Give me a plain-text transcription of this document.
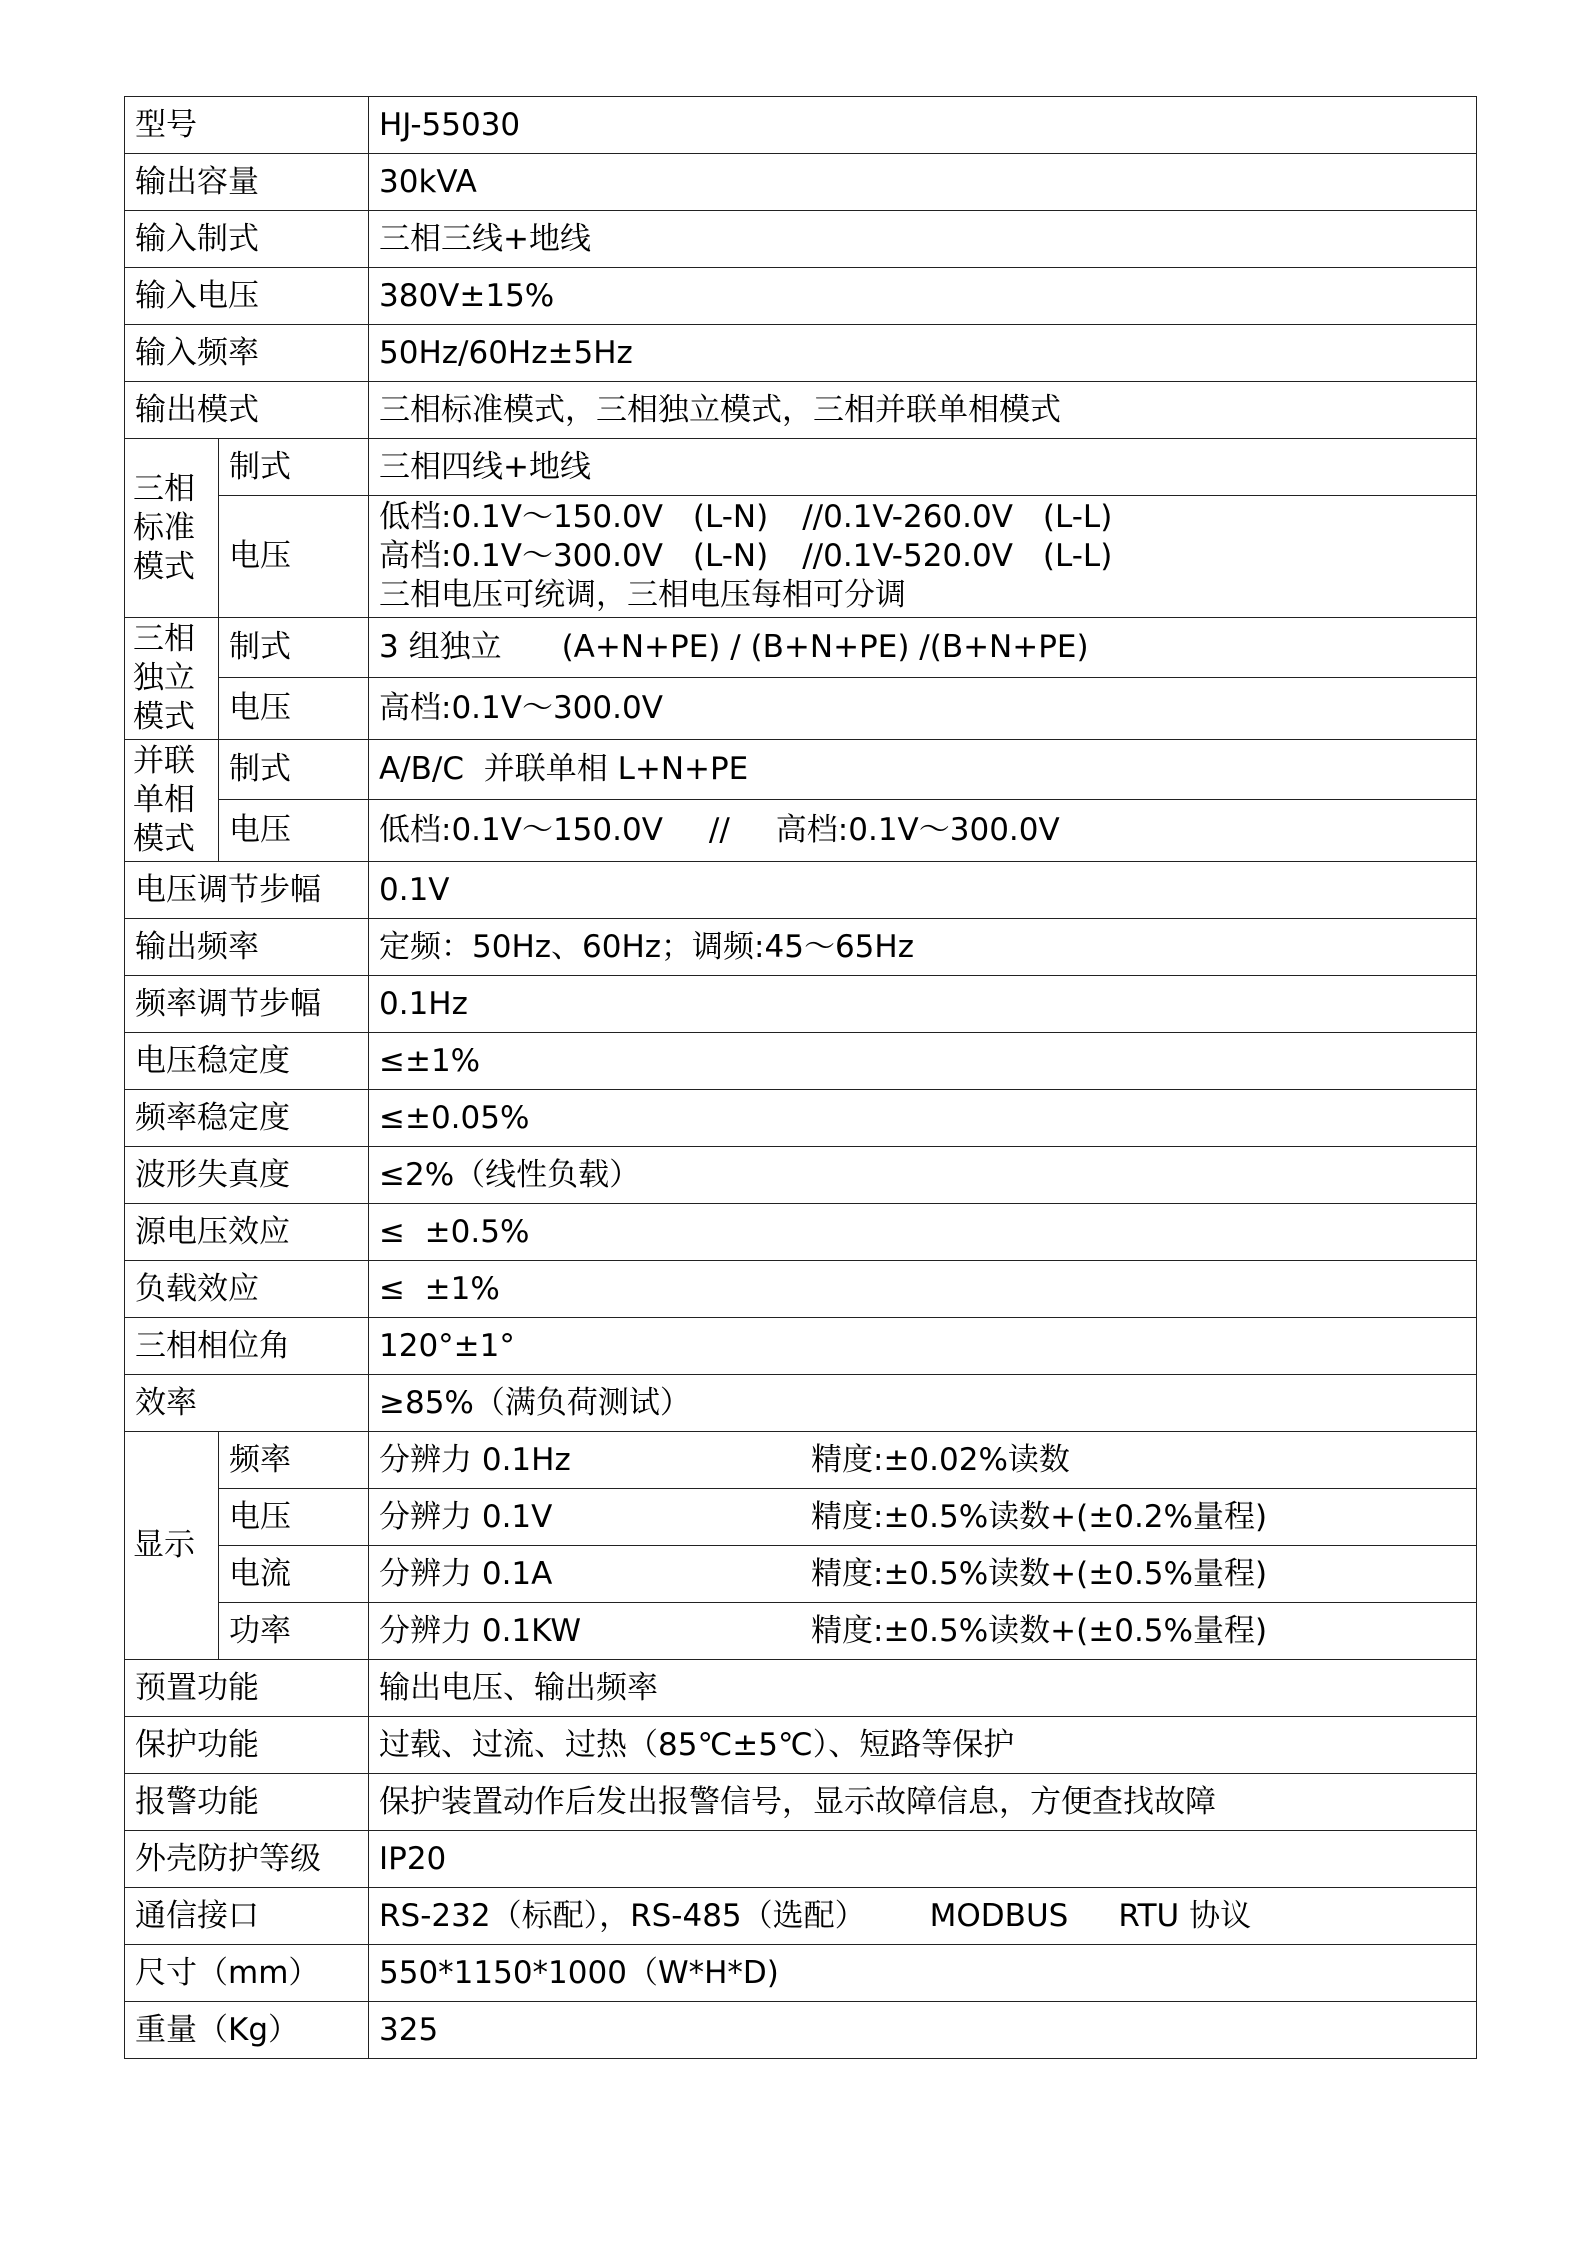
型号		HJ-55030
输出容量		30kVA
输入制式		三相三线+地线
输入电压		380V±15%
输入频率		50Hz/60Hz±5Hz
输出模式		三相标准模式，三相独立模式，三相并联单相模式
三相标准模式	制式	三相四线+地线
	电压	低档:0.1V～150.0V (L-N) //0.1V-260.0V (L-L)
高档:0.1V～300.0V (L-N) //0.1V-520.0V (L-L)
三相电压可统调，三相电压每相可分调

三相独立模式	制式	3 组独立 (A+N+PE) / (B+N+PE) /(B+N+PE)
	电压	高档:0.1V～300.0V
并联单相模式	制式	A/B/C  并联单相 L+N+PE
	电压	低档:0.1V～150.0V // 高档:0.1V～300.0V
电压调节步幅		0.1V
输出频率		定频：50Hz、60Hz；调频:45～65Hz
频率调节步幅		0.1Hz
电压稳定度		≤±1%
频率稳定度		≤±0.05%
波形失真度		≤2%（线性负载）
源电压效应		≤  ±0.5%
负载效应		≤  ±1%
三相相位角		120°±1°
效率		≥85%（满负荷测试）
显示	频率	分辨力 0.1Hz 精度:±0.02%读数
	电压	分辨力 0.1V 精度:±0.5%读数+(±0.2%量程)
	电流	分辨力 0.1A 精度:±0.5%读数+(±0.5%量程)
	功率	分辨力 0.1KW 精度:±0.5%读数+(±0.5%量程)
预置功能		输出电压、输出频率
保护功能		过载、过流、过热（85℃±5℃）、短路等保护
报警功能		保护装置动作后发出报警信号，显示故障信息，方便查找故障
外壳防护等级		IP20
通信接口		RS-232（标配），RS-485（选配） MODBUS RTU 协议
尺寸（mm）		550*1150*1000（W*H*D)
重量（Kg）		325
